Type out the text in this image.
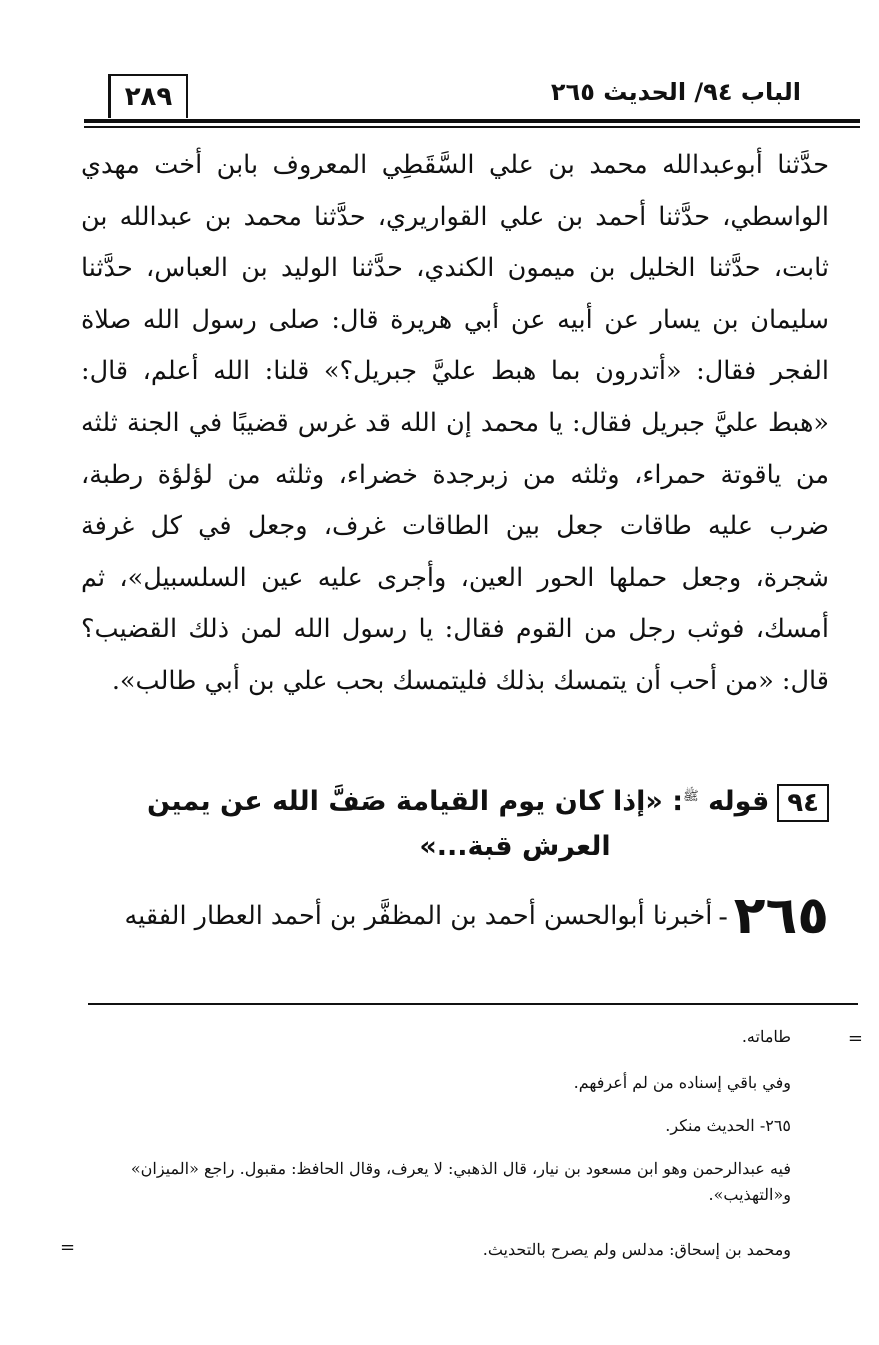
الباب ٩٤/ الحديث ٢٦٥
٢٨٩
حدَّثنا أبوعبدالله محمد بن علي السَّقَطِي المعروف بابن أخت مهدي الواسطي، حدَّثنا أحمد بن علي القواريري، حدَّثنا محمد بن عبدالله بن ثابت، حدَّثنا الخليل بن ميمون الكندي، حدَّثنا الوليد بن العباس، حدَّثنا سليمان بن يسار عن أبيه عن أبي هريرة قال: صلى رسول الله صلاة الفجر فقال: «أتدرون بما هبط عليَّ جبريل؟» قلنا: الله أعلم، قال: «هبط عليَّ جبريل فقال: يا محمد إن الله قد غرس قضيبًا في الجنة ثلثه من ياقوتة حمراء، وثلثه من زبرجدة خضراء، وثلثه من لؤلؤة رطبة، ضرب عليه طاقات جعل بين الطاقات غرف، وجعل في كل غرفة شجرة، وجعل حملها الحور العين، وأجرى عليه عين السلسبيل»، ثم أمسك، فوثب رجل من القوم فقال: يا رسول الله لمن ذلك القضيب؟ قال: «من أحب أن يتمسك بذلك فليتمسك بحب علي بن أبي طالب».
٩٤قوله $^ﷺ$: «إذا كان يوم القيامة صَفَّ الله عن يمين
العرش قبة...»
٢٦٥-أخبرنا أبوالحسن أحمد بن المظفَّر بن أحمد العطار الفقيه
=
طاماته.
وفي باقي إسناده من لم أعرفهم.
٢٦٥- الحديث منكر.
فيه عبدالرحمن وهو ابن مسعود بن نيار، قال الذهبي: لا يعرف، وقال الحافظ: مقبول. راجع «الميزان» و«التهذيب».
ومحمد بن إسحاق: مدلس ولم يصرح بالتحديث.
=
